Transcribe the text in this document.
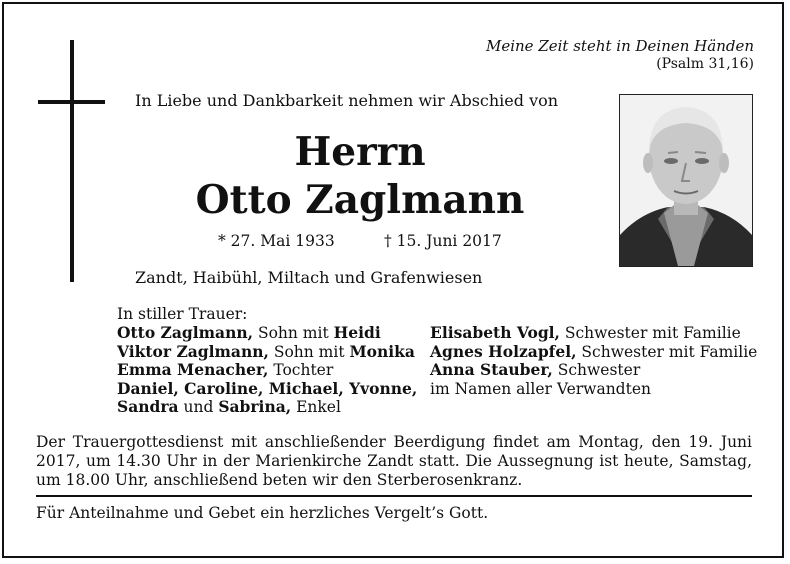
Meine Zeit steht in Deinen Händen
(Psalm 31,16)
In Liebe und Dankbarkeit nehmen wir Abschied von
Herrn
Otto Zaglmann
* 27. Mai 1933	† 15. Juni 2017
Zandt, Haibühl, Miltach und Grafenwiesen
In stiller Trauer:
Otto Zaglmann, Sohn mit Heidi
Viktor Zaglmann, Sohn mit Monika
Emma Menacher, Tochter
Daniel, Caroline, Michael, Yvonne,
Sandra und Sabrina, Enkel
Elisabeth Vogl, Schwester mit Familie
Agnes Holzapfel, Schwester mit Familie
Anna Stauber, Schwester
im Namen aller Verwandten
Der Trauergottesdienst mit anschließender Beerdigung findet am Montag, den 19. Juni 2017, um 14.30 Uhr in der Marienkirche Zandt statt. Die Aussegnung ist heute, Samstag, um 18.00 Uhr, anschließend beten wir den Sterberosenkranz.
Für Anteilnahme und Gebet ein herzliches Vergelt’s Gott.
